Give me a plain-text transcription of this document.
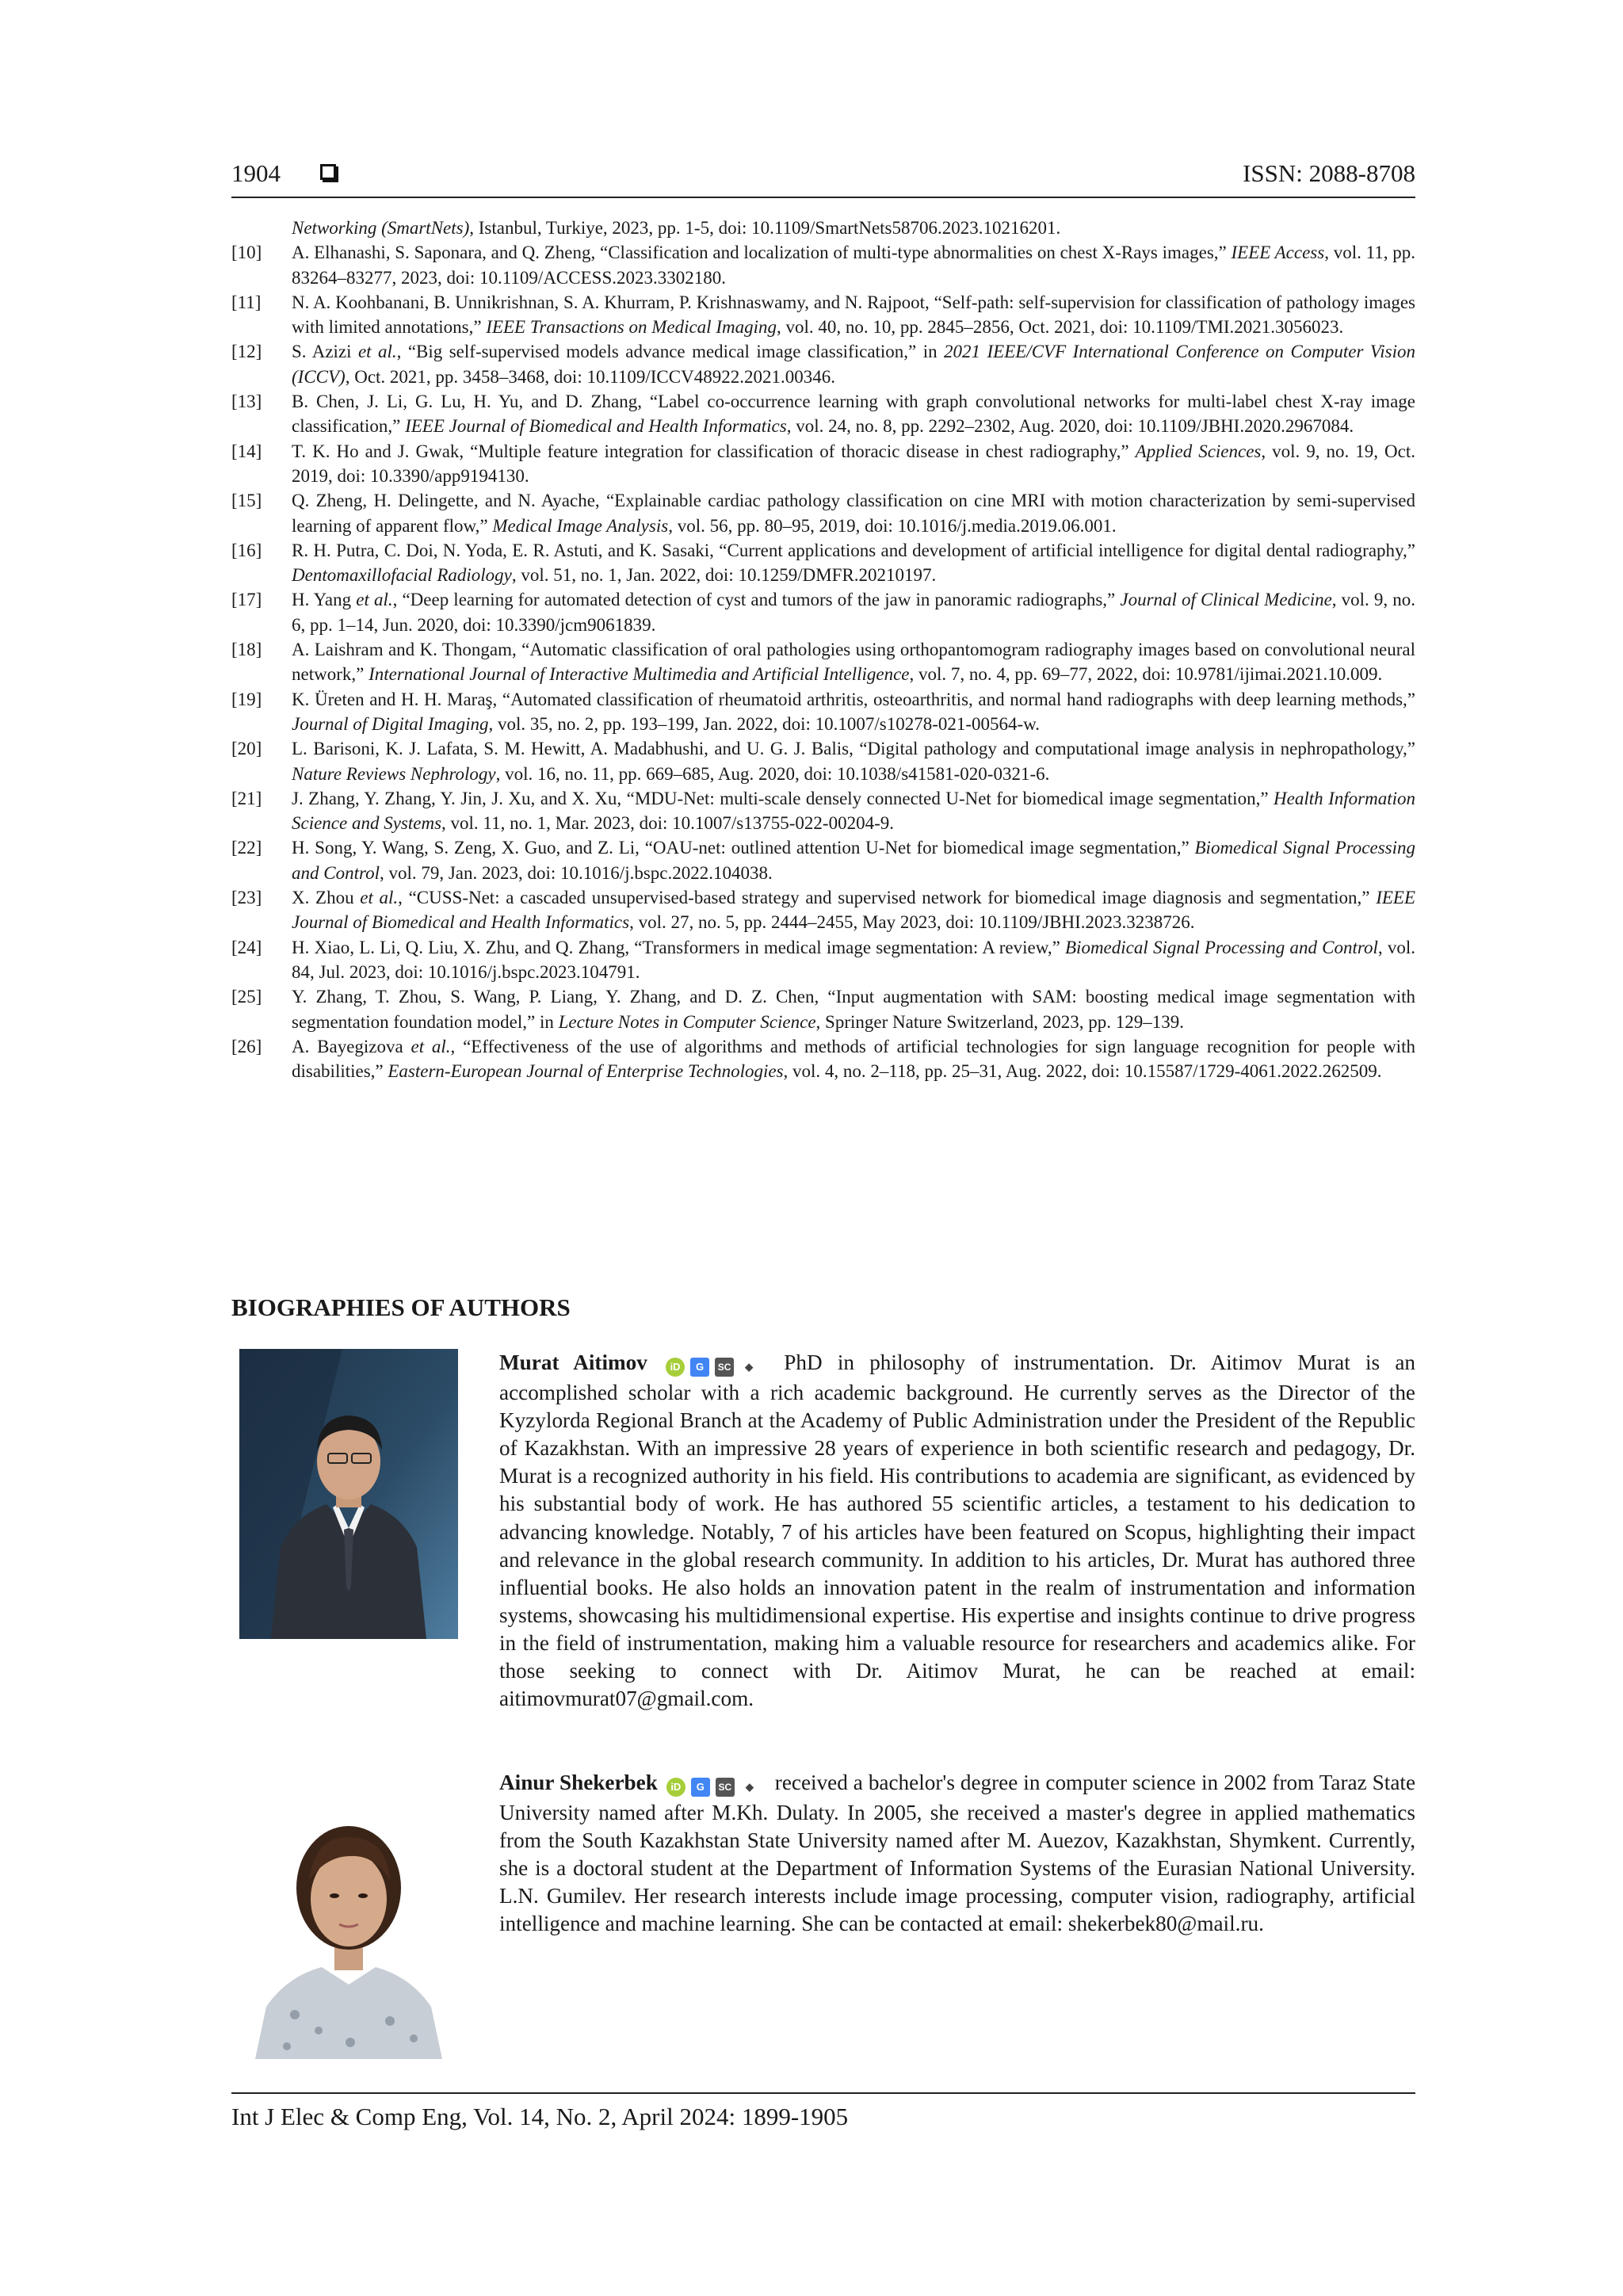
1904	ISSN: 2088-8708
Networking (SmartNets), Istanbul, Turkiye, 2023, pp. 1-5, doi: 10.1109/SmartNets58706.2023.10216201.
[10] A. Elhanashi, S. Saponara, and Q. Zheng, “Classification and localization of multi-type abnormalities on chest X-Rays images,” IEEE Access, vol. 11, pp. 83264–83277, 2023, doi: 10.1109/ACCESS.2023.3302180.
[11] N. A. Koohbanani, B. Unnikrishnan, S. A. Khurram, P. Krishnaswamy, and N. Rajpoot, “Self-path: self-supervision for classification of pathology images with limited annotations,” IEEE Transactions on Medical Imaging, vol. 40, no. 10, pp. 2845–2856, Oct. 2021, doi: 10.1109/TMI.2021.3056023.
[12] S. Azizi et al., “Big self-supervised models advance medical image classification,” in 2021 IEEE/CVF International Conference on Computer Vision (ICCV), Oct. 2021, pp. 3458–3468, doi: 10.1109/ICCV48922.2021.00346.
[13] B. Chen, J. Li, G. Lu, H. Yu, and D. Zhang, “Label co-occurrence learning with graph convolutional networks for multi-label chest X-ray image classification,” IEEE Journal of Biomedical and Health Informatics, vol. 24, no. 8, pp. 2292–2302, Aug. 2020, doi: 10.1109/JBHI.2020.2967084.
[14] T. K. Ho and J. Gwak, “Multiple feature integration for classification of thoracic disease in chest radiography,” Applied Sciences, vol. 9, no. 19, Oct. 2019, doi: 10.3390/app9194130.
[15] Q. Zheng, H. Delingette, and N. Ayache, “Explainable cardiac pathology classification on cine MRI with motion characterization by semi-supervised learning of apparent flow,” Medical Image Analysis, vol. 56, pp. 80–95, 2019, doi: 10.1016/j.media.2019.06.001.
[16] R. H. Putra, C. Doi, N. Yoda, E. R. Astuti, and K. Sasaki, “Current applications and development of artificial intelligence for digital dental radiography,” Dentomaxillofacial Radiology, vol. 51, no. 1, Jan. 2022, doi: 10.1259/DMFR.20210197.
[17] H. Yang et al., “Deep learning for automated detection of cyst and tumors of the jaw in panoramic radiographs,” Journal of Clinical Medicine, vol. 9, no. 6, pp. 1–14, Jun. 2020, doi: 10.3390/jcm9061839.
[18] A. Laishram and K. Thongam, “Automatic classification of oral pathologies using orthopantomogram radiography images based on convolutional neural network,” International Journal of Interactive Multimedia and Artificial Intelligence, vol. 7, no. 4, pp. 69–77, 2022, doi: 10.9781/ijimai.2021.10.009.
[19] K. Üreten and H. H. Maraş, “Automated classification of rheumatoid arthritis, osteoarthritis, and normal hand radiographs with deep learning methods,” Journal of Digital Imaging, vol. 35, no. 2, pp. 193–199, Jan. 2022, doi: 10.1007/s10278-021-00564-w.
[20] L. Barisoni, K. J. Lafata, S. M. Hewitt, A. Madabhushi, and U. G. J. Balis, “Digital pathology and computational image analysis in nephropathology,” Nature Reviews Nephrology, vol. 16, no. 11, pp. 669–685, Aug. 2020, doi: 10.1038/s41581-020-0321-6.
[21] J. Zhang, Y. Zhang, Y. Jin, J. Xu, and X. Xu, “MDU-Net: multi-scale densely connected U-Net for biomedical image segmentation,” Health Information Science and Systems, vol. 11, no. 1, Mar. 2023, doi: 10.1007/s13755-022-00204-9.
[22] H. Song, Y. Wang, S. Zeng, X. Guo, and Z. Li, “OAU-net: outlined attention U-Net for biomedical image segmentation,” Biomedical Signal Processing and Control, vol. 79, Jan. 2023, doi: 10.1016/j.bspc.2022.104038.
[23] X. Zhou et al., “CUSS-Net: a cascaded unsupervised-based strategy and supervised network for biomedical image diagnosis and segmentation,” IEEE Journal of Biomedical and Health Informatics, vol. 27, no. 5, pp. 2444–2455, May 2023, doi: 10.1109/JBHI.2023.3238726.
[24] H. Xiao, L. Li, Q. Liu, X. Zhu, and Q. Zhang, “Transformers in medical image segmentation: A review,” Biomedical Signal Processing and Control, vol. 84, Jul. 2023, doi: 10.1016/j.bspc.2023.104791.
[25] Y. Zhang, T. Zhou, S. Wang, P. Liang, Y. Zhang, and D. Z. Chen, “Input augmentation with SAM: boosting medical image segmentation with segmentation foundation model,” in Lecture Notes in Computer Science, Springer Nature Switzerland, 2023, pp. 129–139.
[26] A. Bayegizova et al., “Effectiveness of the use of algorithms and methods of artificial technologies for sign language recognition for people with disabilities,” Eastern-European Journal of Enterprise Technologies, vol. 4, no. 2–118, pp. 25–31, Aug. 2022, doi: 10.15587/1729-4061.2022.262509.
BIOGRAPHIES OF AUTHORS
Murat Aitimov iD G SC ◆ PhD in philosophy of instrumentation. Dr. Aitimov Murat is an accomplished scholar with a rich academic background. He currently serves as the Director of the Kyzylorda Regional Branch at the Academy of Public Administration under the President of the Republic of Kazakhstan. With an impressive 28 years of experience in both scientific research and pedagogy, Dr. Murat is a recognized authority in his field. His contributions to academia are significant, as evidenced by his substantial body of work. He has authored 55 scientific articles, a testament to his dedication to advancing knowledge. Notably, 7 of his articles have been featured on Scopus, highlighting their impact and relevance in the global research community. In addition to his articles, Dr. Murat has authored three influential books. He also holds an innovation patent in the realm of instrumentation and information systems, showcasing his multidimensional expertise. His expertise and insights continue to drive progress in the field of instrumentation, making him a valuable resource for researchers and academics alike. For those seeking to connect with Dr. Aitimov Murat, he can be reached at email: aitimovmurat07@gmail.com.
Ainur Shekerbek iD G SC ◆ received a bachelor's degree in computer science in 2002 from Taraz State University named after M.Kh. Dulaty. In 2005, she received a master's degree in applied mathematics from the South Kazakhstan State University named after M. Auezov, Kazakhstan, Shymkent. Currently, she is a doctoral student at the Department of Information Systems of the Eurasian National University. L.N. Gumilev. Her research interests include image processing, computer vision, radiography, artificial intelligence and machine learning. She can be contacted at email: shekerbek80@mail.ru.
Int J Elec & Comp Eng, Vol. 14, No. 2, April 2024: 1899-1905
